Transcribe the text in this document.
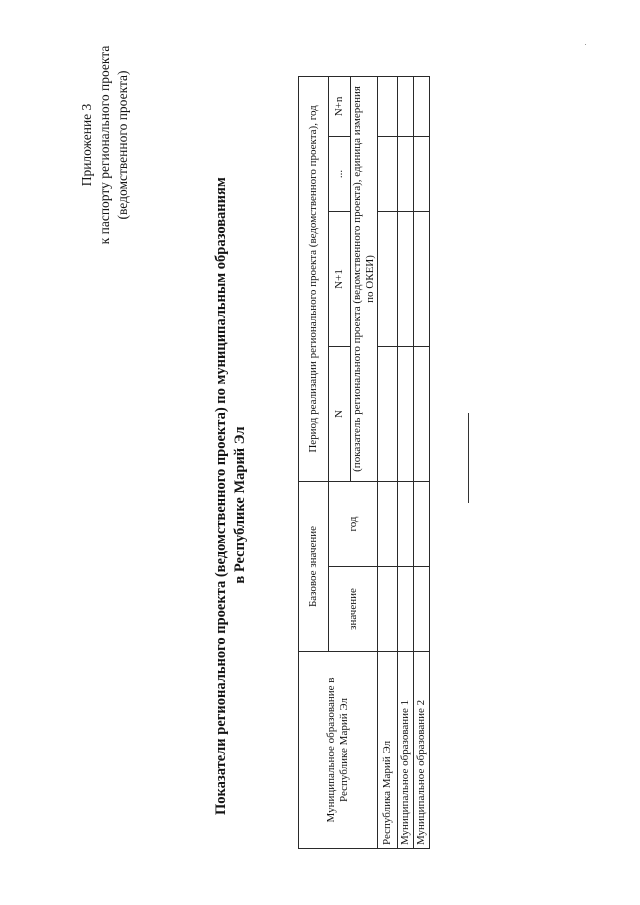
Приложение 3 к паспорту регионального проекта (ведомственного проекта)
Показатели регионального проекта (ведомственного проекта) по муниципальным образованиям в Республике Марий Эл
Муниципальное образование в Республике Марий Эл	Базовое значение		Период реализации регионального проекта (ведомственного проекта), год			
	значение	год	N	N+1	...	N+n
			(показатель регионального проекта (ведомственного проекта), единица измерения по ОКЕИ)			
Республика Марий Эл						
Муниципальное образование 1						
Муниципальное образование 2						
